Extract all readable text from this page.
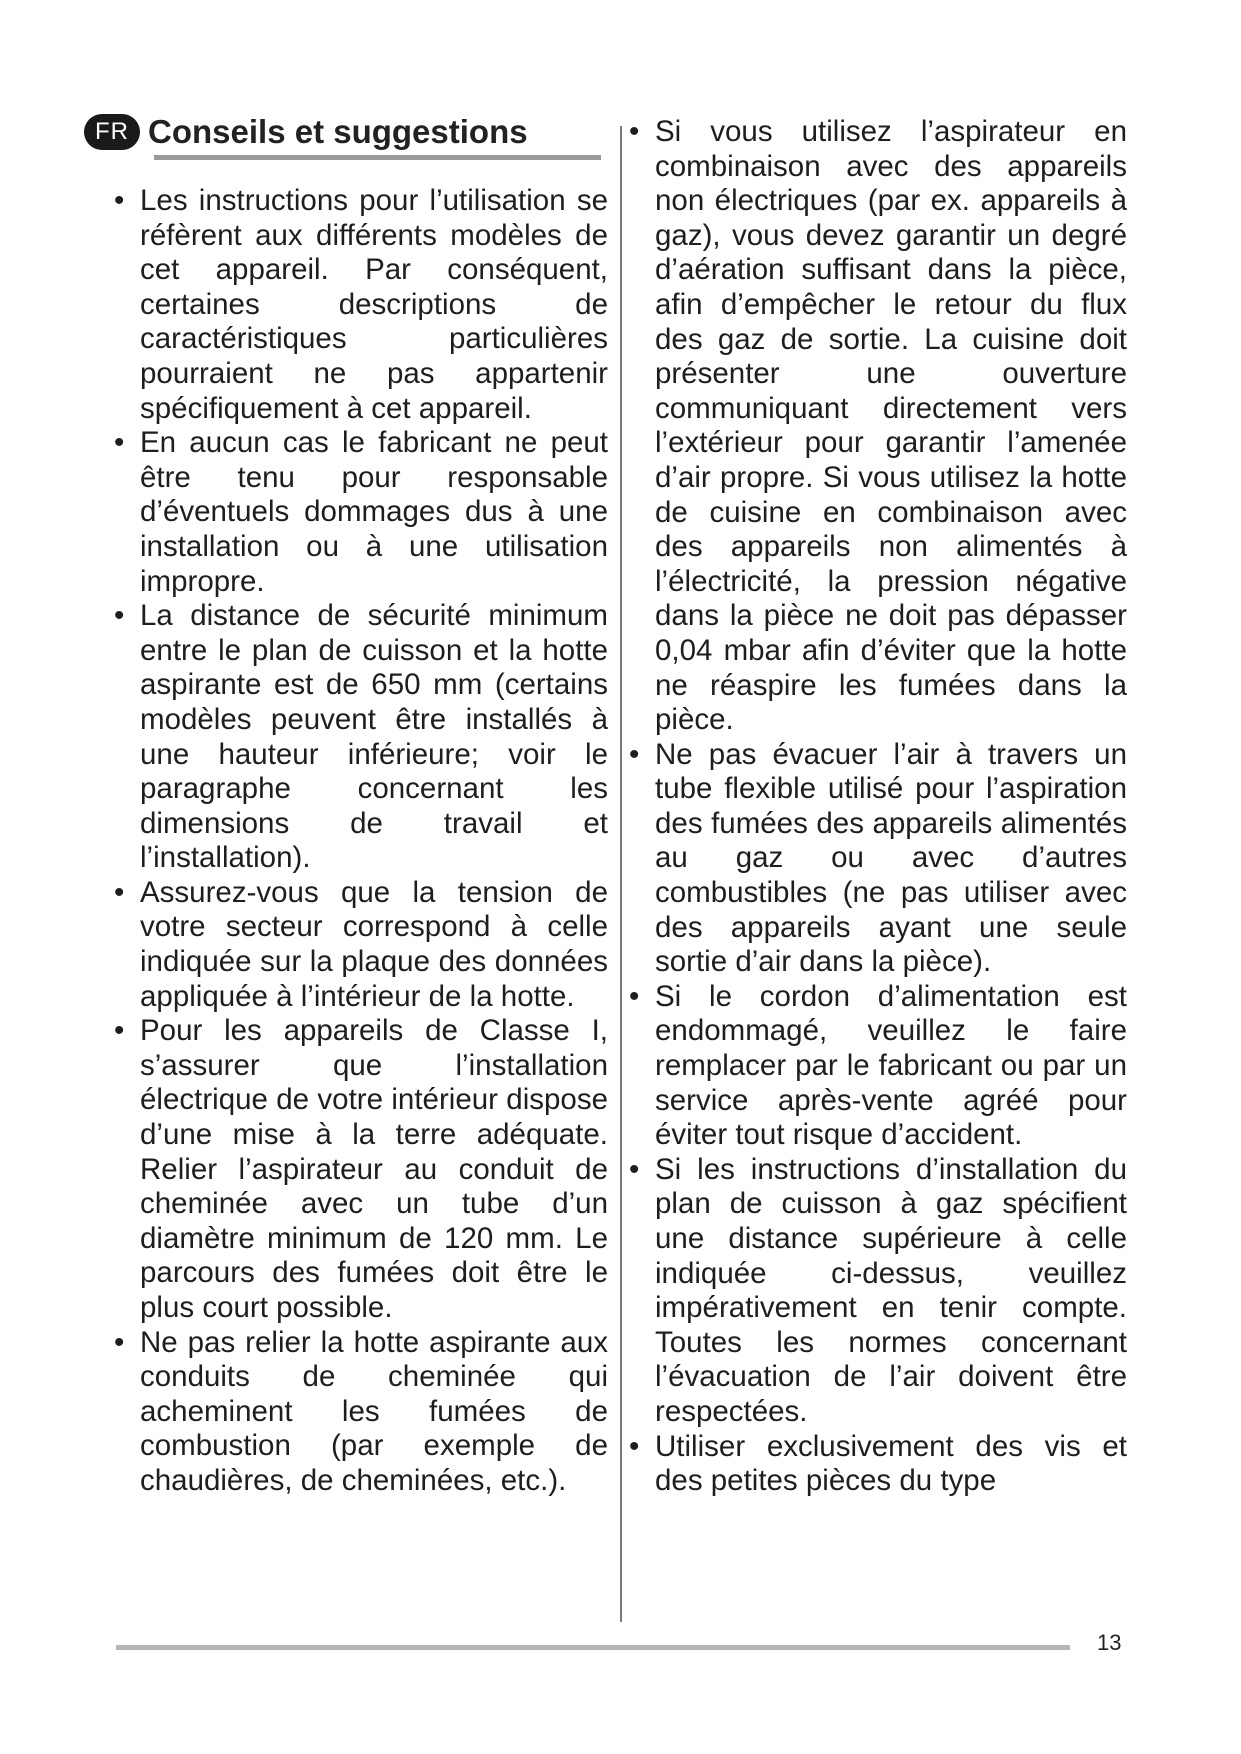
FR Conseils et suggestions
• Les instructions pour l’utilisation se réfèrent aux différents modèles de cet appareil. Par conséquent, certaines descriptions de caractéristiques particulières pourraient ne pas appartenir spécifiquement à cet appareil.
• En aucun cas le fabricant ne peut être tenu pour responsable d’éventuels dommages dus à une installation ou à une utilisation impropre.
• La distance de sécurité minimum entre le plan de cuisson et la hotte aspirante est de 650 mm (certains modèles peuvent être installés à une hauteur inférieure; voir le paragraphe concernant les dimensions de travail et l’installation).
• Assurez-vous que la tension de votre secteur correspond à celle indiquée sur la plaque des données appliquée à l’intérieur de la hotte.
• Pour les appareils de Classe I, s’assurer que l’installation électrique de votre intérieur dispose d’une mise à la terre adéquate. Relier l’aspirateur au conduit de cheminée avec un tube d’un diamètre minimum de 120 mm. Le parcours des fumées doit être le plus court possible.
• Ne pas relier la hotte aspirante aux conduits de cheminée qui acheminent les fumées de combustion (par exemple de chaudières, de cheminées, etc.).
• Si vous utilisez l’aspirateur en combinaison avec des appareils non électriques (par ex. appareils à gaz), vous devez garantir un degré d’aération suffisant dans la pièce, afin d’empêcher le retour du flux des gaz de sortie. La cuisine doit présenter une ouverture communiquant directement vers l’extérieur pour garantir l’amenée d’air propre. Si vous utilisez la hotte de cuisine en combinaison avec des appareils non alimentés à l’électricité, la pression négative dans la pièce ne doit pas dépasser 0,04 mbar afin d’éviter que la hotte ne réaspire les fumées dans la pièce.
• Ne pas évacuer l’air à travers un tube flexible utilisé pour l’aspiration des fumées des appareils alimentés au gaz ou avec d’autres combustibles (ne pas utiliser avec des appareils ayant une seule sortie d’air dans la pièce).
• Si le cordon d’alimentation est endommagé, veuillez le faire remplacer par le fabricant ou par un service après-vente agréé pour éviter tout risque d’accident.
• Si les instructions d’installation du plan de cuisson à gaz spécifient une distance supérieure à celle indiquée ci-dessus, veuillez impérativement en tenir compte. Toutes les normes concernant l’évacuation de l’air doivent être respectées.
• Utiliser exclusivement des vis et des petites pièces du type
13
